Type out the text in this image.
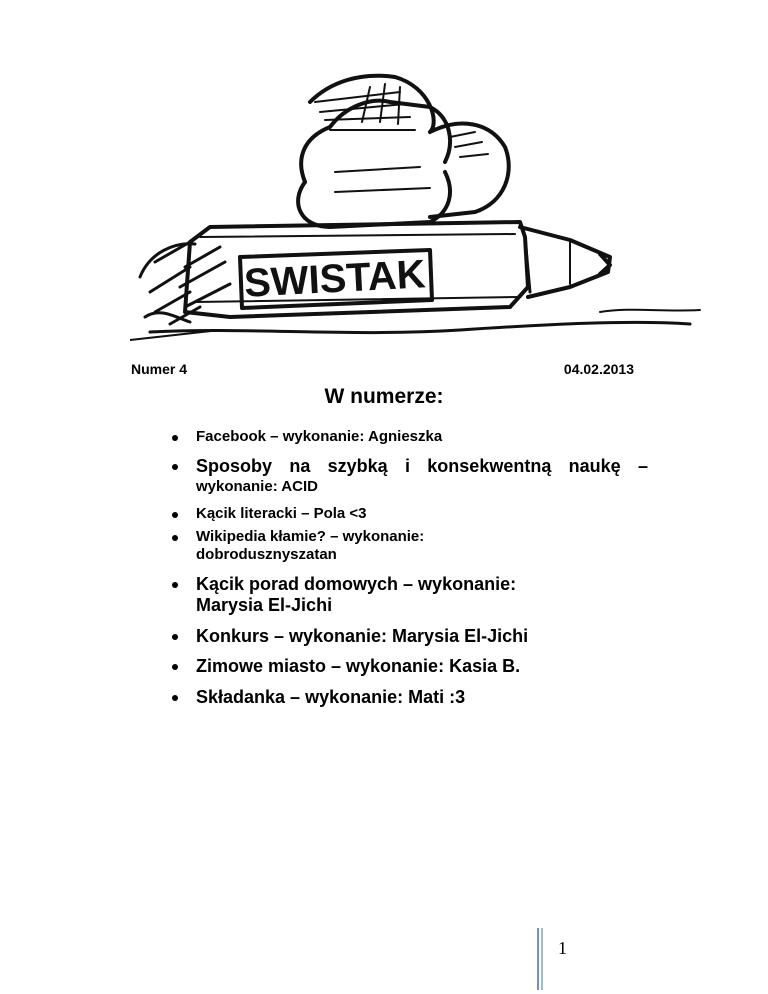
SWISTAK
Numer 4	04.02.2013
W numerze:
Facebook – wykonanie: Agnieszka
Sposoby na szybką i konsekwentną naukę –
wykonanie: ACID
Kącik literacki – Pola <3
Wikipedia kłamie? – wykonanie:
dobrodusznyszatan
Kącik porad domowych – wykonanie:
Marysia El-Jichi
Konkurs – wykonanie: Marysia El-Jichi
Zimowe miasto – wykonanie: Kasia B.
Składanka – wykonanie: Mati :3
1
